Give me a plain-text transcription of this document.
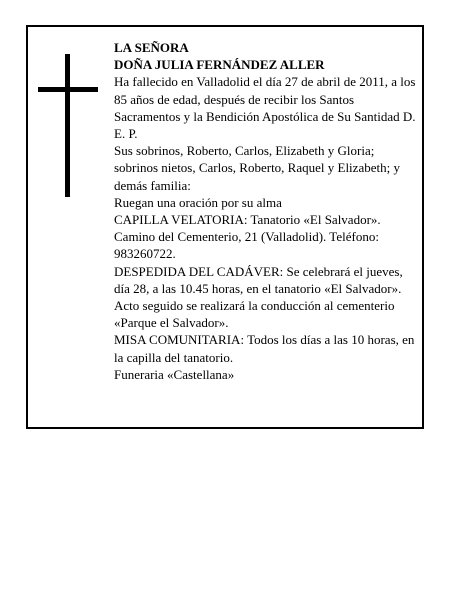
LA SEÑORA

DOÑA JULIA FERNÁNDEZ ALLER

Ha fallecido en Valladolid el día 27 de abril de 2011, a los 85 años de edad, después de recibir los Santos Sacramentos y la Bendición Apostólica de Su Santidad D. E. P.

Sus sobrinos, Roberto, Carlos, Elizabeth y Gloria; sobrinos nietos, Carlos, Roberto, Raquel y Elizabeth; y demás familia:

Ruegan una oración por su alma

CAPILLA VELATORIA: Tanatorio «El Salvador». Camino del Cementerio, 21 (Valladolid). Teléfono: 983260722.

DESPEDIDA DEL CADÁVER: Se celebrará el jueves, día 28, a las 10.45 horas, en el tanatorio «El Salvador». Acto seguido se realizará la conducción al cementerio «Parque el Salvador».

MISA COMUNITARIA: Todos los días a las 10 horas, en la capilla del tanatorio.

Funeraria «Castellana»
